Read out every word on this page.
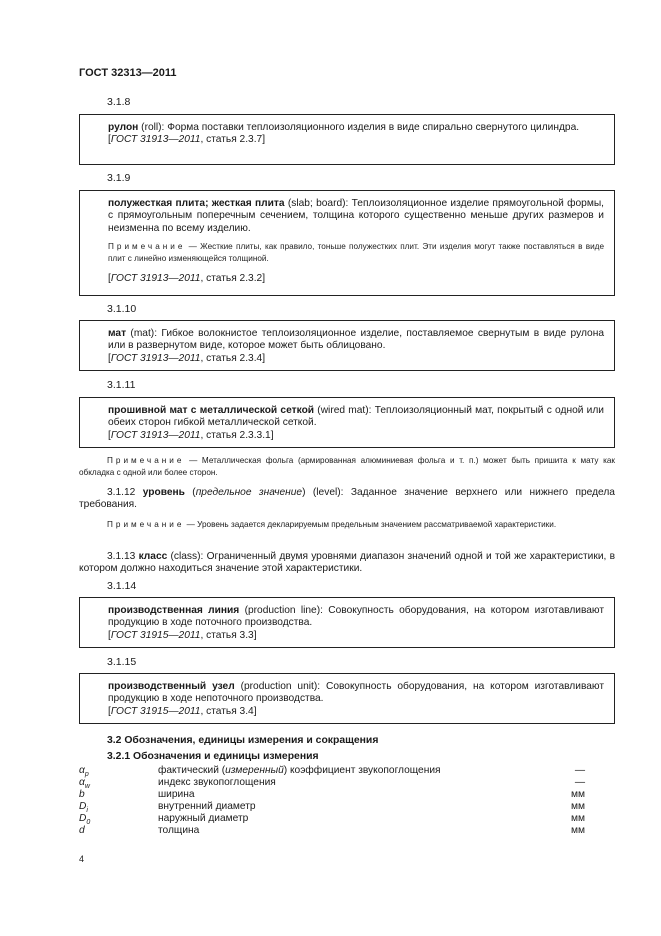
ГОСТ 32313—2011
3.1.8

рулон (roll): Форма поставки теплоизоляционного изделия в виде спирально свернутого цилиндра.

[ГОСТ 31913—2011, статья 2.3.7]

3.1.9

полужесткая плита; жесткая плита (slab; board): Теплоизоляционное изделие прямоугольной формы, с прямоугольным поперечным сечением, толщина которого существенно меньше других размеров и неизменна по всему изделию.

Примечание — Жесткие плиты, как правило, тоньше полужестких плит. Эти изделия могут также поставляться в виде плит с линейно изменяющейся толщиной.

[ГОСТ 31913—2011, статья 2.3.2]

3.1.10

мат (mat): Гибкое волокнистое теплоизоляционное изделие, поставляемое свернутым в виде рулона или в развернутом виде, которое может быть облицовано.

[ГОСТ 31913—2011, статья 2.3.4]

3.1.11

прошивной мат с металлической сеткой (wired mat): Теплоизоляционный мат, покрытый с одной или обеих сторон гибкой металлической сеткой.

[ГОСТ 31913—2011, статья 2.3.3.1]

Примечание — Металлическая фольга (армированная алюминиевая фольга и т. п.) может быть пришита к мату как обкладка с одной или более сторон.
3.1.12 уровень (предельное значение) (level): Заданное значение верхнего или нижнего предела требования.
Примечание — Уровень задается декларируемым предельным значением рассматриваемой характеристики.
3.1.13 класс (class): Ограниченный двумя уровнями диапазон значений одной и той же характеристики, в котором должно находиться значение этой характеристики.
3.1.14

производственная линия (production line): Совокупность оборудования, на котором изготавливают продукцию в ходе поточного производства.

[ГОСТ 31915—2011, статья 3.3]

3.1.15

производственный узел (production unit): Совокупность оборудования, на котором изготавливают продукцию в ходе непоточного производства.

[ГОСТ 31915—2011, статья 3.4]

3.2 Обозначения, единицы измерения и сокращения
3.2.1 Обозначения и единицы измерения
$\alpha_p$	фактический (измеренный) коэффициент звукопоглощения	—
$\alpha_w$	индекс звукопоглощения	—
b	ширина	мм
$D_i$	внутренний диаметр	мм
$D_0$	наружный диаметр	мм
d	толщина	мм
4
